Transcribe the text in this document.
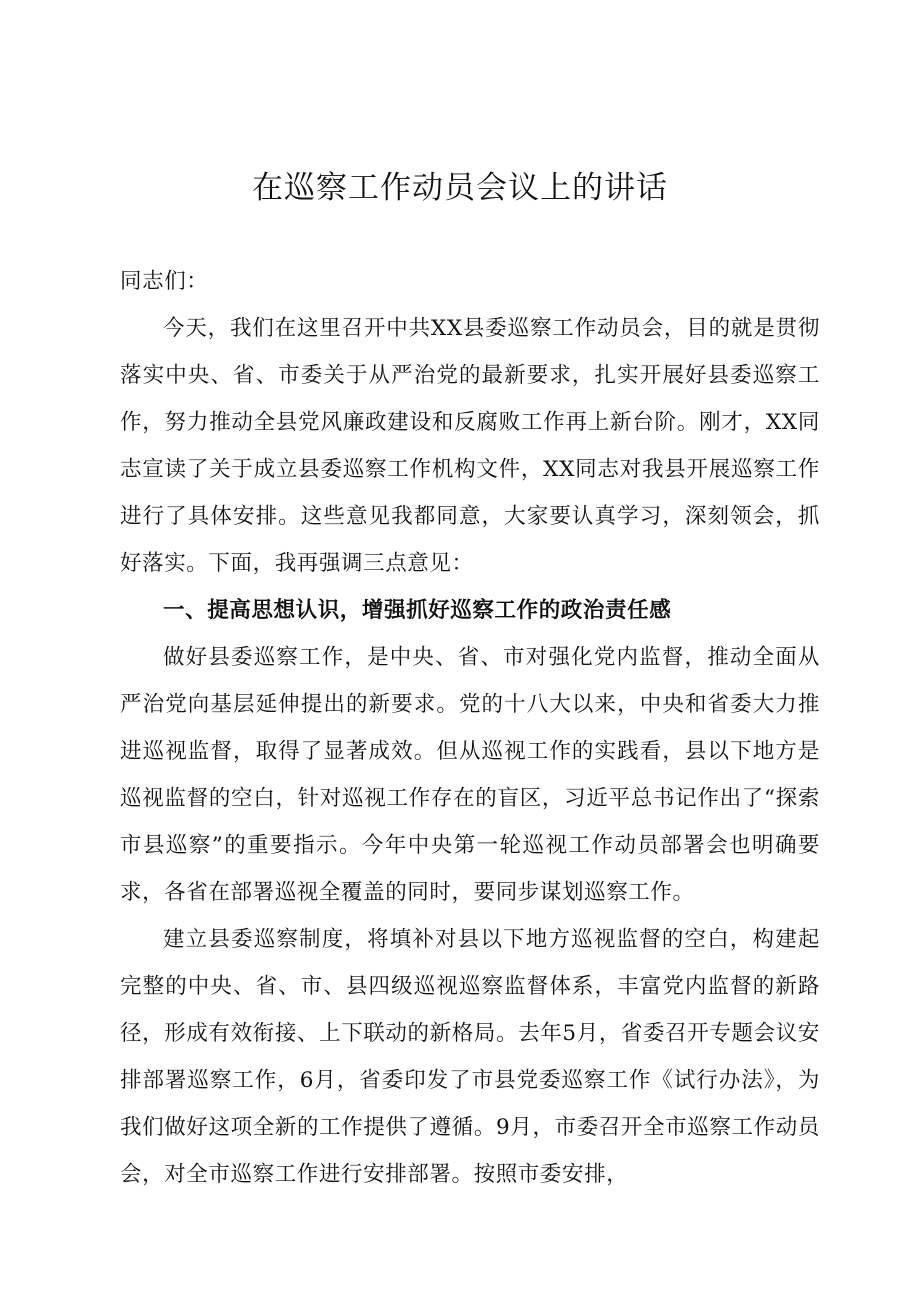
在巡察工作动员会议上的讲话

同志们：

今天，我们在这里召开中共XX县委巡察工作动员会，目的就是贯彻落实中央、省、市委关于从严治党的最新要求，扎实开展好县委巡察工作，努力推动全县党风廉政建设和反腐败工作再上新台阶。刚才，XX同志宣读了关于成立县委巡察工作机构文件，XX同志对我县开展巡察工作进行了具体安排。这些意见我都同意，大家要认真学习，深刻领会，抓好落实。下面，我再强调三点意见：

一、提高思想认识，增强抓好巡察工作的政治责任感

做好县委巡察工作，是中央、省、市对强化党内监督，推动全面从严治党向基层延伸提出的新要求。党的十八大以来，中央和省委大力推进巡视监督，取得了显著成效。但从巡视工作的实践看，县以下地方是巡视监督的空白，针对巡视工作存在的盲区，习近平总书记作出了“探索市县巡察”的重要指示。今年中央第一轮巡视工作动员部署会也明确要求，各省在部署巡视全覆盖的同时，要同步谋划巡察工作。

建立县委巡察制度，将填补对县以下地方巡视监督的空白，构建起完整的中央、省、市、县四级巡视巡察监督体系，丰富党内监督的新路径，形成有效衔接、上下联动的新格局。去年5月，省委召开专题会议安排部署巡察工作，6月，省委印发了市县党委巡察工作《试行办法》，为我们做好这项全新的工作提供了遵循。9月，市委召开全市巡察工作动员会，对全市巡察工作进行安排部署。按照市委安排，
